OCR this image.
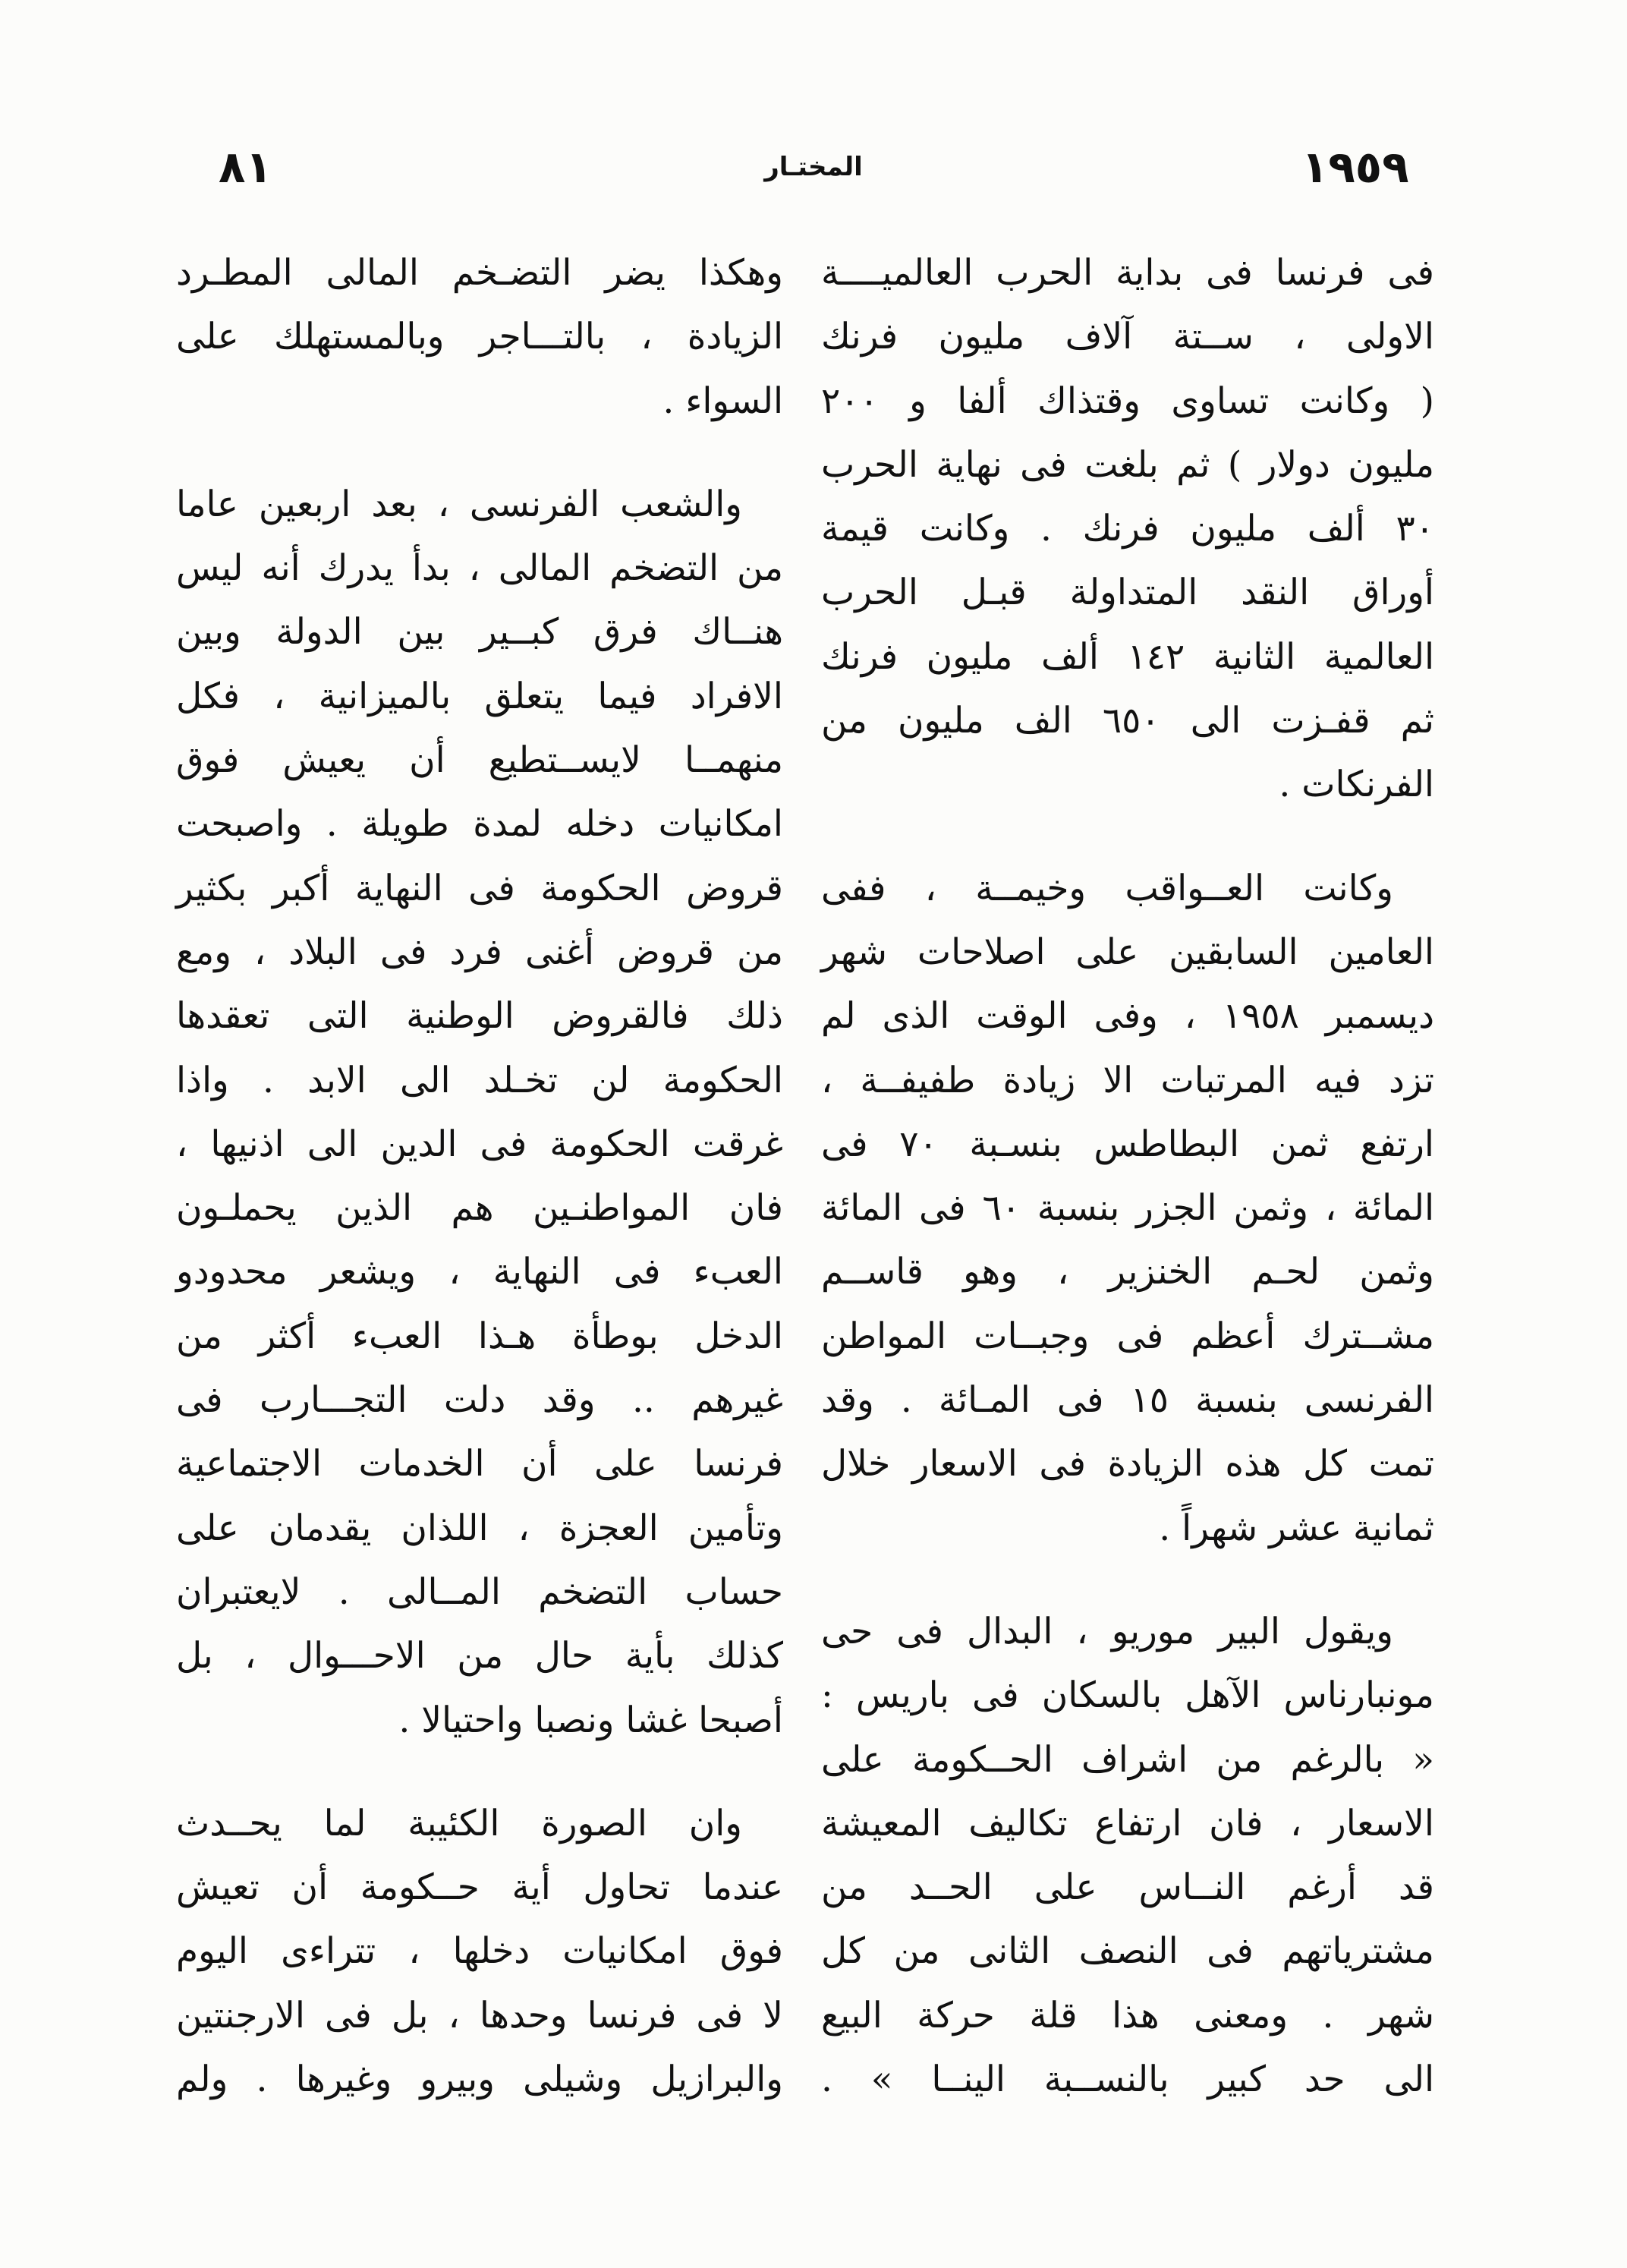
٨١	المختـار	١٩٥٩
فى فرنسا فى بداية الحرب العالميــــة
الاولى ، ســتة آلاف مليون فرنك
( وكانت تساوى وقتذاك ألفا و ٢٠٠
مليون دولار ) ثم بلغت فى نهاية الحرب
٣٠ ألف مليون فرنك . وكانت قيمة
أوراق النقد المتداولة قبـل الحرب
العالمية الثانية ١٤٢ ألف مليون فرنك
ثم قفـزت الى ٦٥٠ الف مليون من
الفرنكات .
وكانت العــواقب وخيمــة ، ففى
العامين السابقين على اصلاحات شهر
ديسمبر ١٩٥٨ ، وفى الوقت الذى لم
تزد فيه المرتبات الا زيادة طفيفــة ،
ارتفع ثمن البطاطس بنسـبة ٧٠ فى
المائة ، وثمن الجزر بنسبة ٦٠ فى المائة
وثمن لحـم الخنزير ، وهو قاســم
مشــترك أعظم فى وجبــات المواطن
الفرنسى بنسبة ١٥ فى المـائة . وقد
تمت كل هذه الزيادة فى الاسعار خلال
ثمانية عشر شهراً .
ويقول البير موريو ، البدال فى حى
مونبارناس الآهل بالسكان فى باريس :
« بالرغم من اشراف الحــكومة على
الاسعار ، فان ارتفاع تكاليف المعيشة
قد أرغم النــاس على الحــد من
مشترياتهم فى النصف الثانى من كل
شهر . ومعنى هذا قلة حركة البيع
الى حد كبير بالنســبة الينــا » .
وهكذا يضر التضـخم المالى المطـرد
الزيادة ، بالتـــاجر وبالمستهلك على
السواء .
والشعب الفرنسى ، بعد اربعين عاما
من التضخم المالى ، بدأ يدرك أنه ليس
هنــاك فرق كبــير بين الدولة وبين
الافراد فيما يتعلق بالميزانية ، فكل
منهمــا لايســتطيع أن يعيش فوق
امكانيات دخله لمدة طويلة . واصبحت
قروض الحكومة فى النهاية أكبر بكثير
من قروض أغنى فرد فى البلاد ، ومع
ذلك فالقروض الوطنية التى تعقدها
الحكومة لن تخـلد الى الابد . واذا
غرقت الحكومة فى الدين الى اذنيها ،
فان المواطنـين هم الذين يحملـون
العبء فى النهاية ، ويشعر محدودو
الدخل بوطأة هـذا العبء أكثر من
غيرهم .. وقد دلت التجـــارب فى
فرنسا على أن الخدمات الاجتماعية
وتأمين العجزة ، اللذان يقدمان على
حساب التضخم المــالى . لايعتبران
كذلك بأية حال من الاحـــوال ، بل
أصبحا غشا ونصبا واحتيالا .
وان الصورة الكئيبة لما يحــدث
عندما تحاول أية حــكومة أن تعيش
فوق امكانيات دخلها ، تتراءى اليوم
لا فى فرنسا وحدها ، بل فى الارجنتين
والبرازيل وشيلى وبيرو وغيرها . ولم
